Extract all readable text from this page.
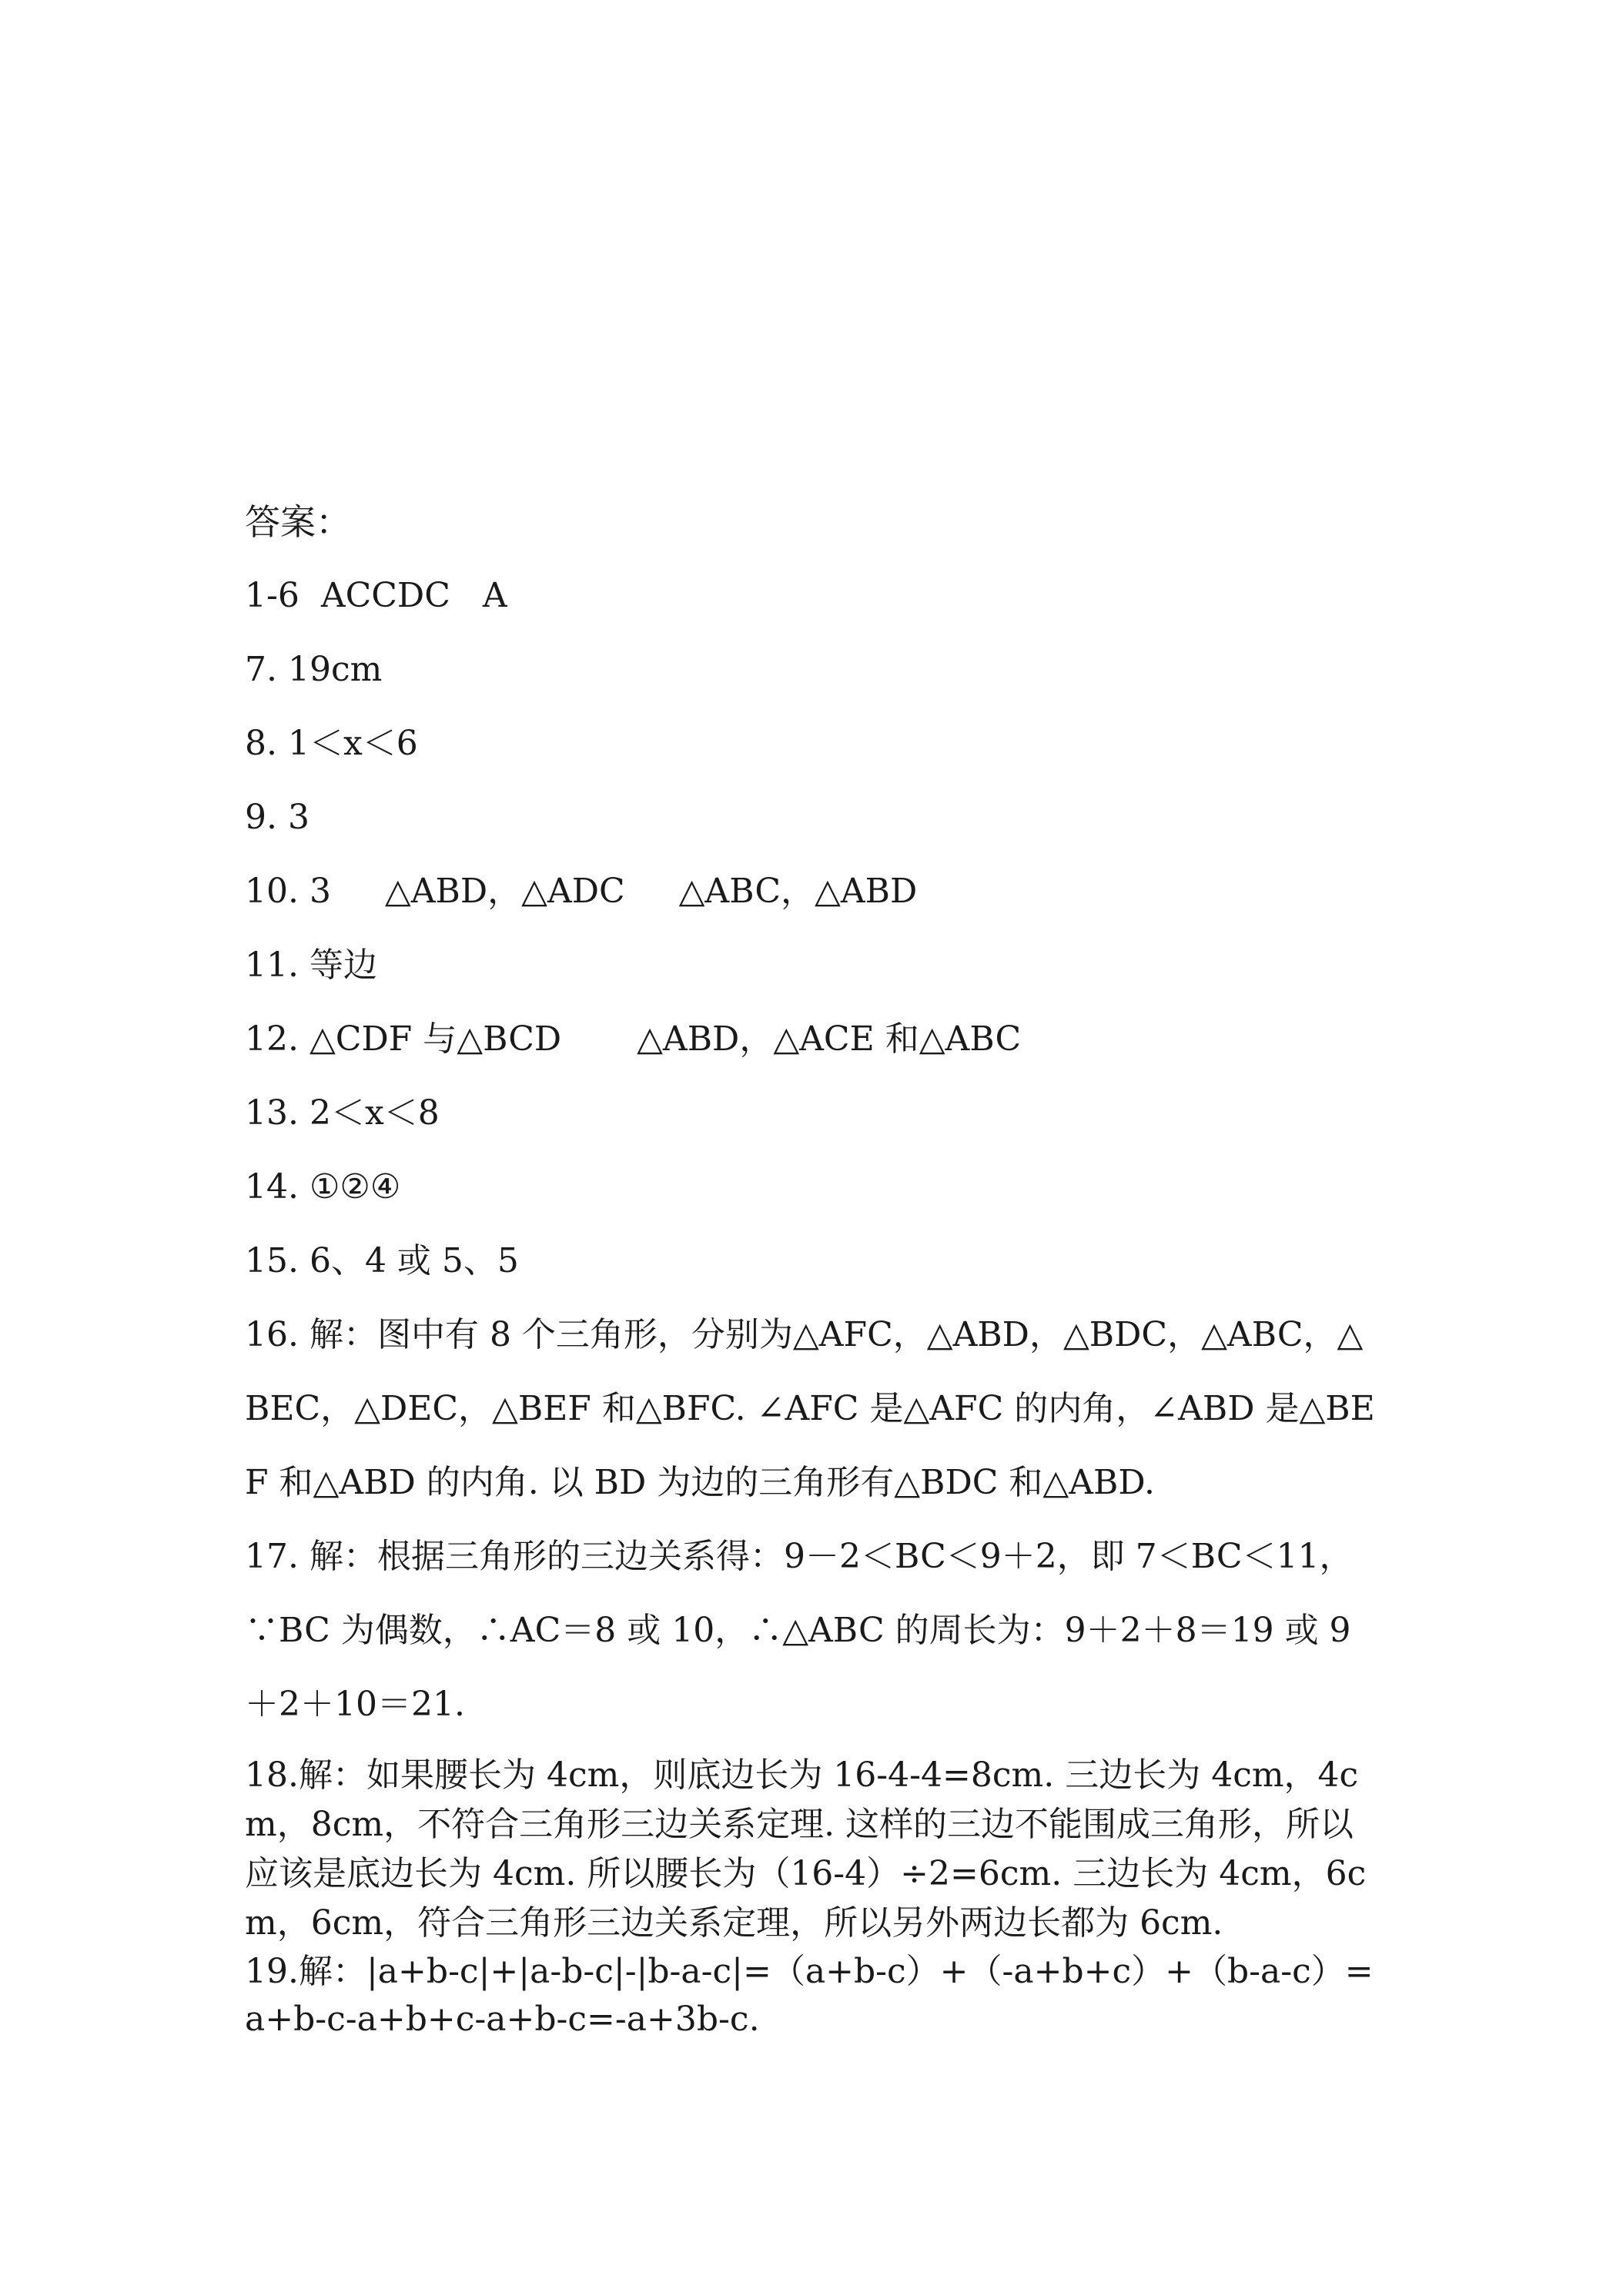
答案：
1-6  ACCDC   A
7. 19cm
8. 1＜x＜6
9. 3
10. 3     △ABD，△ADC     △ABC，△ABD
11. 等边
12. △CDF 与△BCD       △ABD，△ACE 和△ABC
13. 2＜x＜8
14. ①②④
15. 6、4 或 5、5
16. 解：图中有 8 个三角形，分别为△AFC，△ABD，△BDC，△ABC，△BEC，△DEC，△BEF 和△BFC. ∠AFC 是△AFC 的内角，∠ABD 是△BEF 和△ABD 的内角. 以 BD 为边的三角形有△BDC 和△ABD.
17. 解：根据三角形的三边关系得：9－2＜BC＜9＋2，即 7＜BC＜11，∵BC 为偶数，∴AC＝8 或 10，∴△ABC 的周长为：9＋2＋8＝19 或 9＋2＋10＝21.
18.解：如果腰长为 4cm，则底边长为 16-4-4=8cm. 三边长为 4cm，4cm，8cm，不符合三角形三边关系定理. 这样的三边不能围成三角形，所以应该是底边长为 4cm. 所以腰长为（16-4）÷2=6cm. 三边长为 4cm，6cm，6cm，符合三角形三边关系定理，所以另外两边长都为 6cm.
19.解：|a+b-c|+|a-b-c|-|b-a-c|=（a+b-c）+（-a+b+c）+（b-a-c）=a+b-c-a+b+c-a+b-c=-a+3b-c.
